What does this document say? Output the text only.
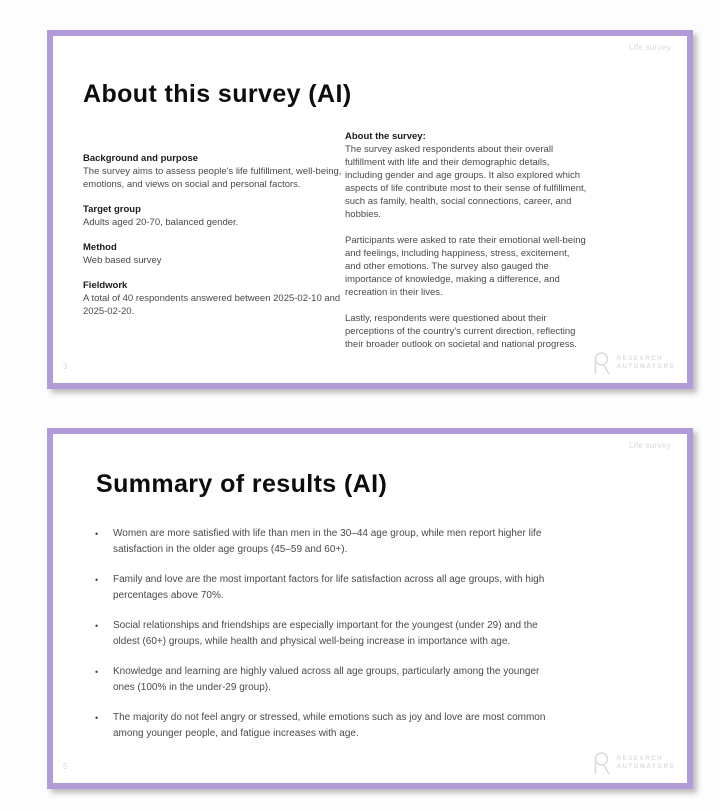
Life survey
About this survey (AI)
Background and purpose
The survey aims to assess people's life fulfillment, well-being, emotions, and views on social and personal factors.
Target group
Adults aged 20-70, balanced gender.
Method
Web based survey
Fieldwork
A total of 40 respondents answered between 2025-02-10 and 2025-02-20.
About the survey:

The survey asked respondents about their overall fulfillment with life and their demographic details, including gender and age groups. It also explored which aspects of life contribute most to their sense of fulfillment, such as family, health, social connections, career, and hobbies.

Participants were asked to rate their emotional well-being and feelings, including happiness, stress, excitement, and other emotions. The survey also gauged the importance of knowledge, making a difference, and recreation in their lives.

Lastly, respondents were questioned about their perceptions of the country's current direction, reflecting their broader outlook on societal and national progress.

3
RESEARCH
AUTOMATORS
Life survey
Summary of results (AI)
•	Women are more satisfied with life than men in the 30–44 age group, while men report higher life satisfaction in the older age groups (45–59 and 60+).
•	Family and love are the most important factors for life satisfaction across all age groups, with high percentages above 70%.
•	Social relationships and friendships are especially important for the youngest (under 29) and the oldest (60+) groups, while health and physical well-being increase in importance with age.
•	Knowledge and learning are highly valued across all age groups, particularly among the younger ones (100% in the under-29 group).
•	The majority do not feel angry or stressed, while emotions such as joy and love are most common among younger people, and fatigue increases with age.
5
RESEARCH
AUTOMATORS
